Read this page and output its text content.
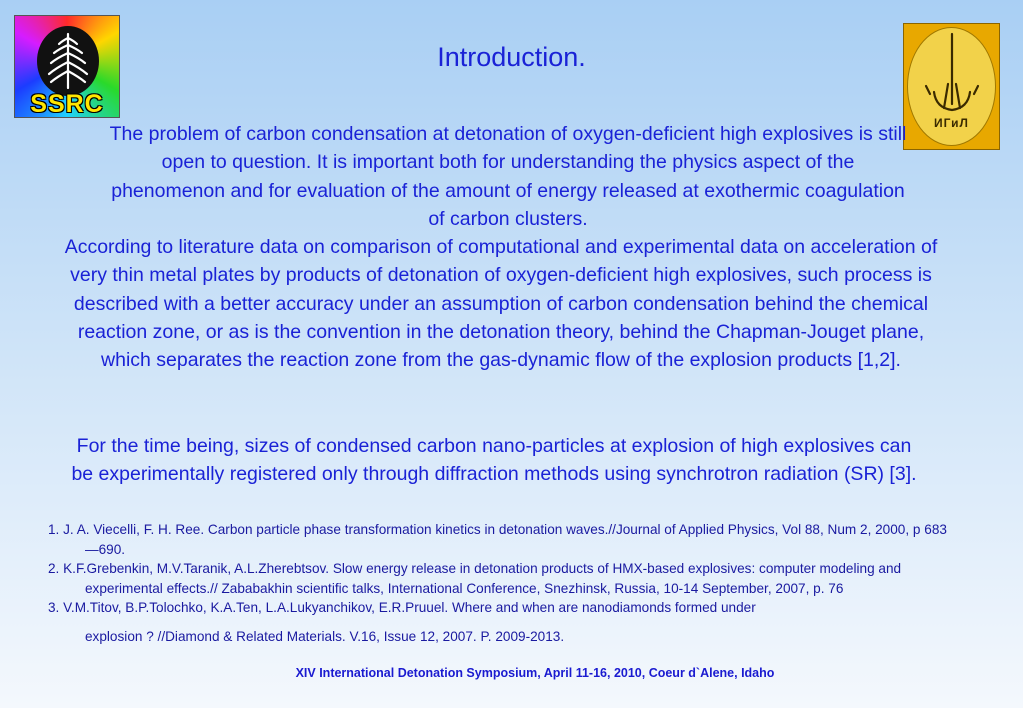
SSRC
ИГиЛ
Introduction.

The problem of carbon condensation at detonation of oxygen-deficient high explosives is still open to question. It is important both for understanding the physics aspect of the phenomenon and for evaluation of the amount of energy released at exothermic coagulation of carbon clusters.

According to literature data on comparison of computational and experimental data on acceleration of very thin metal plates by products of detonation of oxygen-deficient high explosives, such process is described with a better accuracy under an assumption of carbon condensation behind the chemical reaction zone, or as is the convention in the detonation theory, behind the Chapman-Jouget plane, which separates the reaction zone from the gas-dynamic flow of the explosion products [1,2].

For the time being, sizes of condensed carbon nano-particles at explosion of high explosives can be experimentally registered only through diffraction methods using synchrotron radiation (SR) [3].

1. J. A. Viecelli, F. H. Ree. Carbon particle phase transformation kinetics in detonation waves.//Journal of Applied Physics, Vol 88, Num 2, 2000, p 683—690.
2. K.F.Grebenkin, M.V.Taranik, A.L.Zherebtsov. Slow energy release in detonation products of HMX-based explosives: computer modeling and experimental effects.// Zababakhin scientific talks, International Conference, Snezhinsk, Russia, 10-14 September, 2007, p. 76
3. V.M.Titov, B.P.Tolochko, K.A.Ten, L.A.Lukyanchikov, E.R.Pruuel. Where and when are nanodiamonds formed under
explosion ? //Diamond & Related Materials. V.16, Issue 12, 2007. P. 2009-2013.
XIV International Detonation Symposium, April 11-16, 2010, Coeur d`Alene, Idaho
